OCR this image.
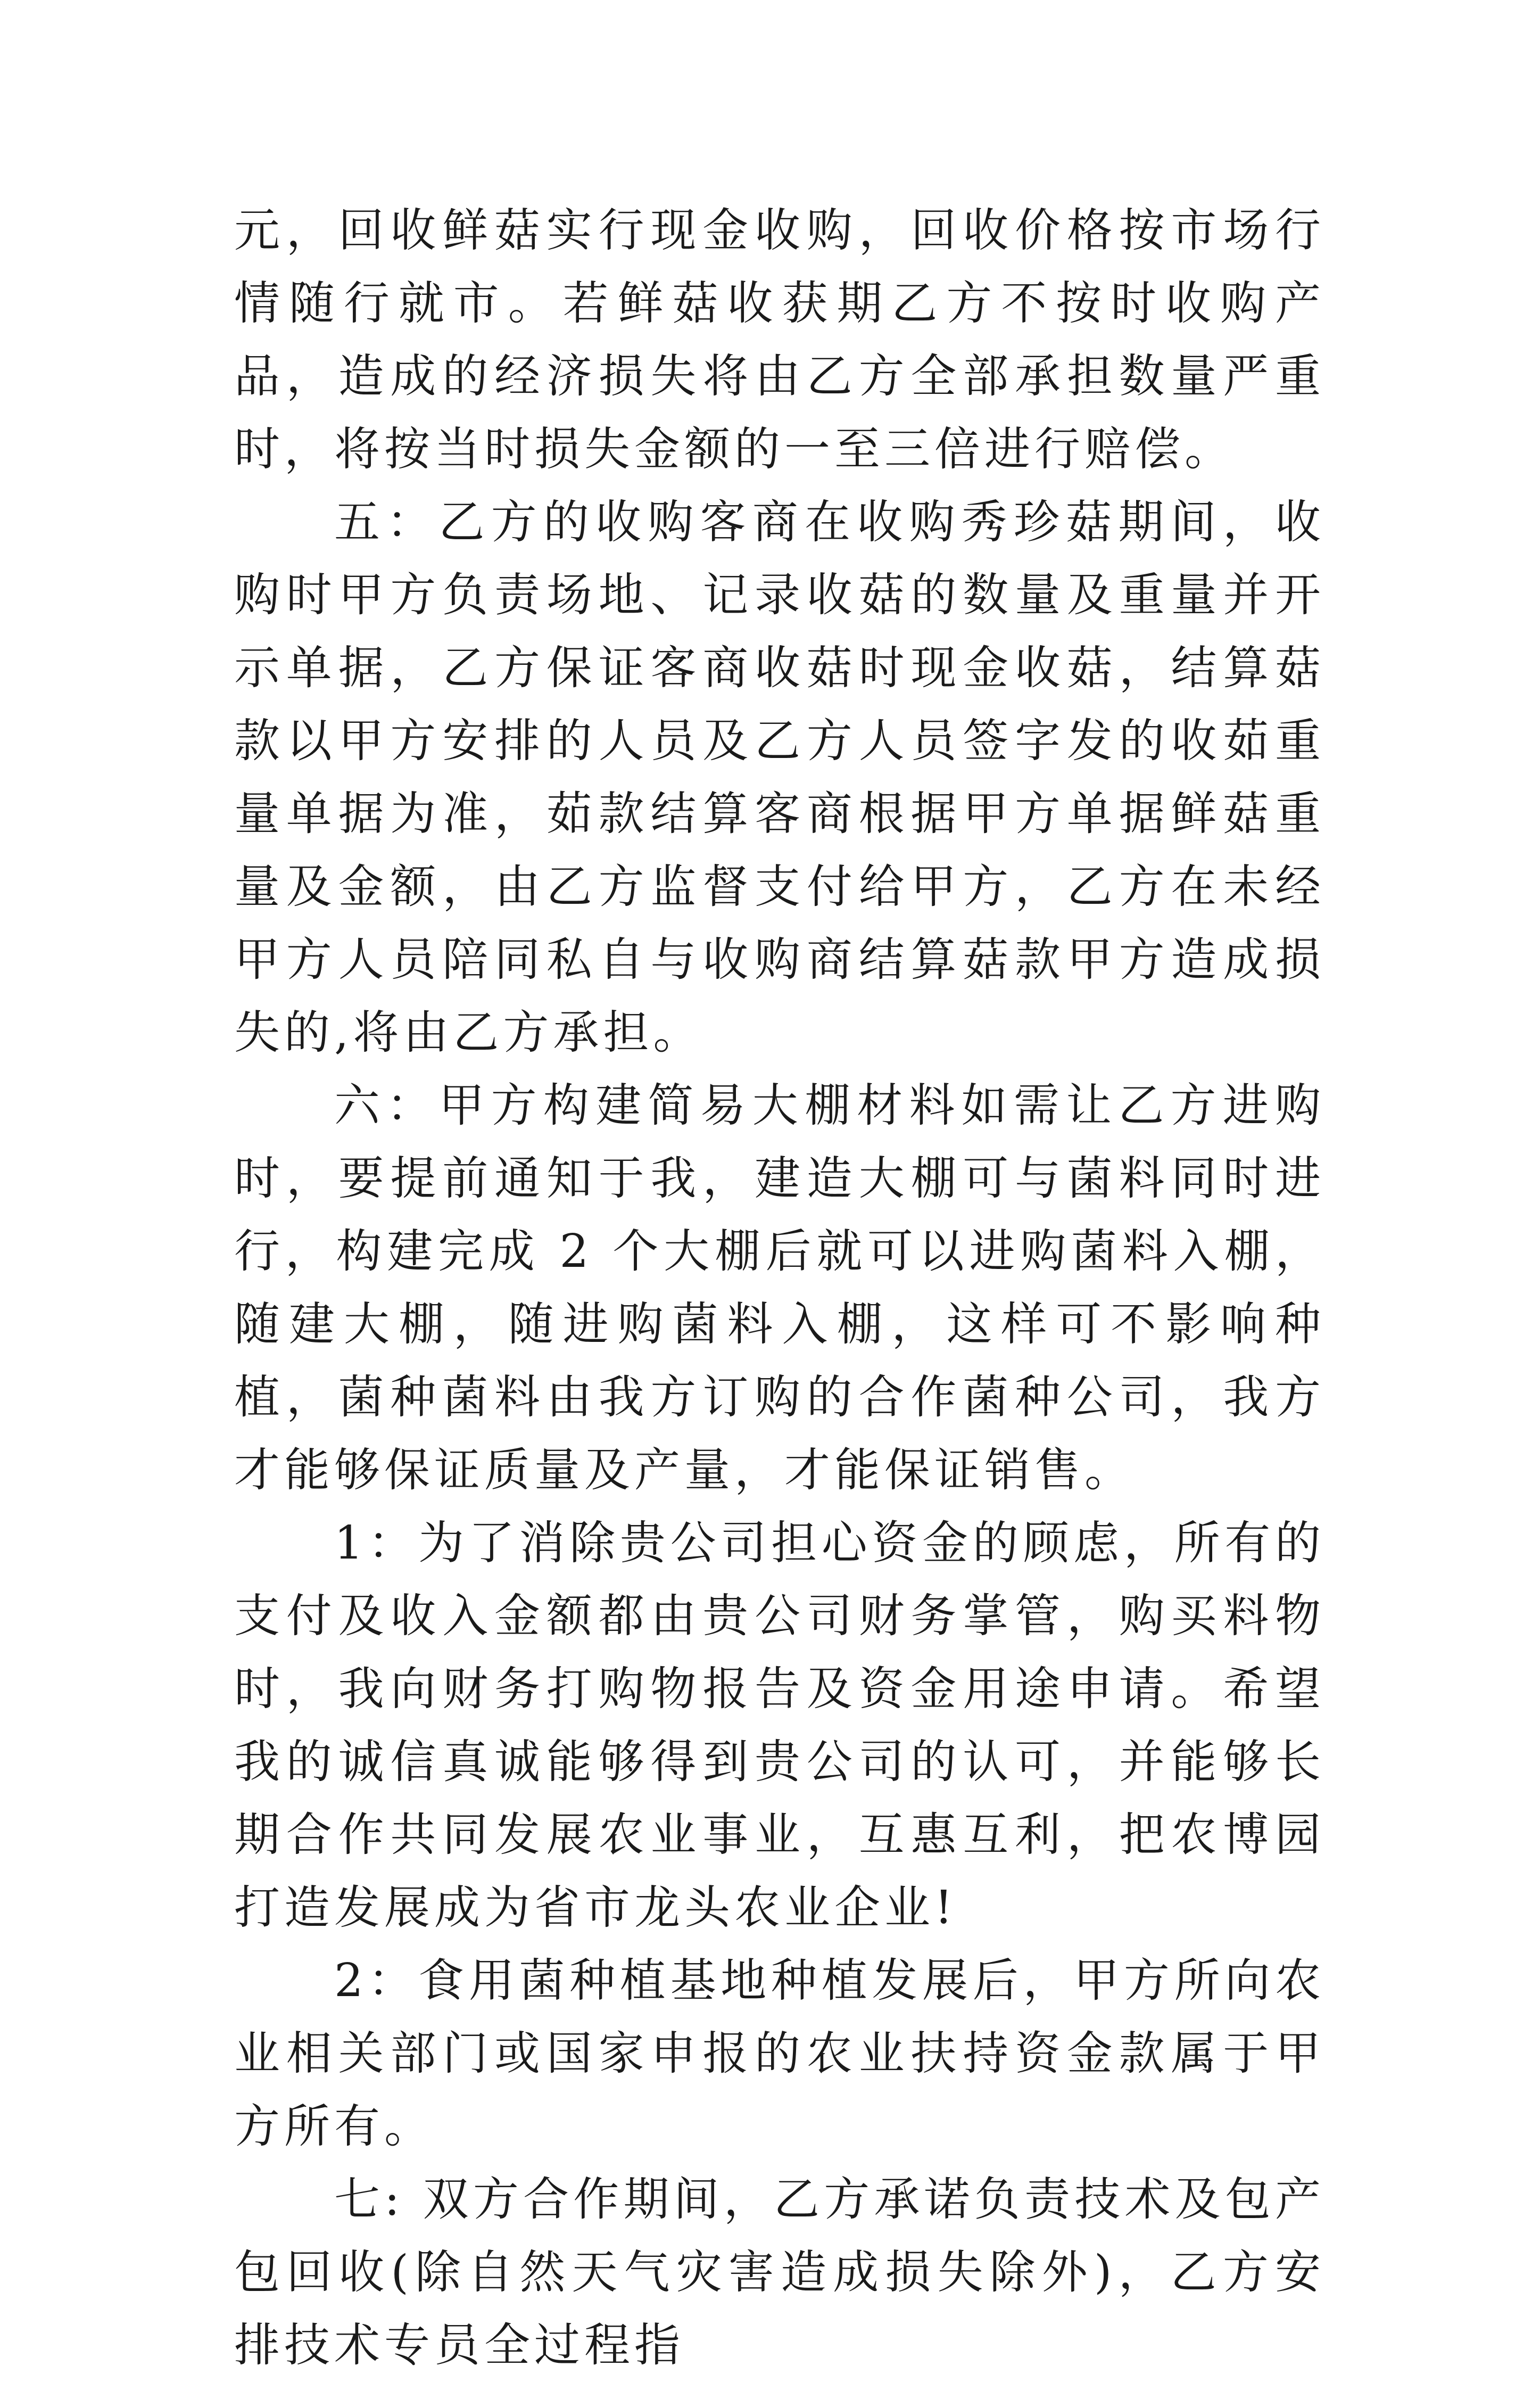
元，回收鲜菇实行现金收购，回收价格按市场行情随行就市。若鲜菇收获期乙方不按时收购产品，造成的经济损失将由乙方全部承担数量严重时，将按当时损失金额的一至三倍进行赔偿。

五：乙方的收购客商在收购秀珍菇期间，收购时甲方负责场地、记录收菇的数量及重量并开示单据，乙方保证客商收菇时现金收菇，结算菇款以甲方安排的人员及乙方人员签字发的收茹重量单据为准，茹款结算客商根据甲方单据鲜菇重量及金额，由乙方监督支付给甲方，乙方在未经甲方人员陪同私自与收购商结算菇款甲方造成损失的,将由乙方承担。

六：甲方构建简易大棚材料如需让乙方进购时，要提前通知于我，建造大棚可与菌料同时进行，构建完成 2 个大棚后就可以进购菌料入棚，随建大棚，随进购菌料入棚，这样可不影响种植，菌种菌料由我方订购的合作菌种公司，我方才能够保证质量及产量，才能保证销售。

1：为了消除贵公司担心资金的顾虑，所有的支付及收入金额都由贵公司财务掌管，购买料物时，我向财务打购物报告及资金用途申请。希望我的诚信真诚能够得到贵公司的认可，并能够长期合作共同发展农业事业，互惠互利，把农博园打造发展成为省市龙头农业企业!

2：食用菌种植基地种植发展后，甲方所向农业相关部门或国家申报的农业扶持资金款属于甲方所有。

七: 双方合作期间，乙方承诺负责技术及包产包回收(除自然天气灾害造成损失除外)，乙方安排技术专员全过程指
